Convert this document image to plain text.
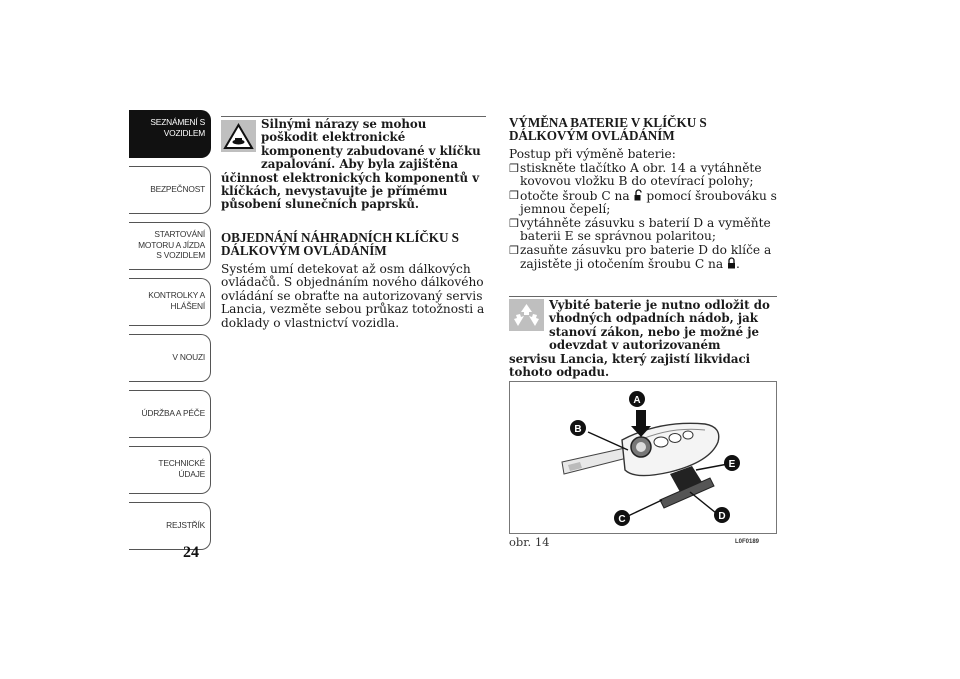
SEZNÁMENÍ S
VOZIDLEM
BEZPEČNOST
STARTOVÁNÍ
MOTORU A JÍZDA
S VOZIDLEM
KONTROLKY A
HLÁŠENÍ
V NOUZI
ÚDRŽBA A PÉČE
TECHNICKÉ
ÚDAJE
REJSTŘÍK
24

Silnými nárazy se mohou poškodit elektronické komponenty zabudované v klíčku zapalování. Aby byla zajištěna
účinnost elektronických komponentů v klíčkách, nevystavujte je přímému působení slunečních paprsků.

OBJEDNÁNÍ NÁHRADNÍCH KLÍČKU S DÁLKOVÝM OVLÁDÁNÍM

Systém umí detekovat až osm dálkových ovládačů. S objednáním nového dálkového ovládání se obraťte na autorizovaný servis Lancia, vezměte sebou průkaz totožnosti a doklady o vlastnictví vozidla.

VÝMĚNA BATERIE V KLÍČKU S DÁLKOVÝM OVLÁDÁNÍM

Postup při výměně baterie:

❒ stiskněte tlačítko A obr. 14 a vytáhněte kovovou vložku B do otevírací polohy;

❒ otočte šroub C na  pomocí šroubováku s jemnou čepelí;

❒ vytáhněte zásuvku s baterií D a vyměňte baterii E se správnou polaritou;

❒ zasuňte zásuvku pro baterie D do klíče a zajistěte ji otočením šroubu C na .

Vybité baterie je nutno odložit do vhodných odpadních nádob, jak stanoví zákon, nebo je možné je odevzdat v autorizovaném
servisu Lancia, který zajistí likvidaci tohoto odpadu.

A
B
E
C	D
obr. 14	L0F0189
